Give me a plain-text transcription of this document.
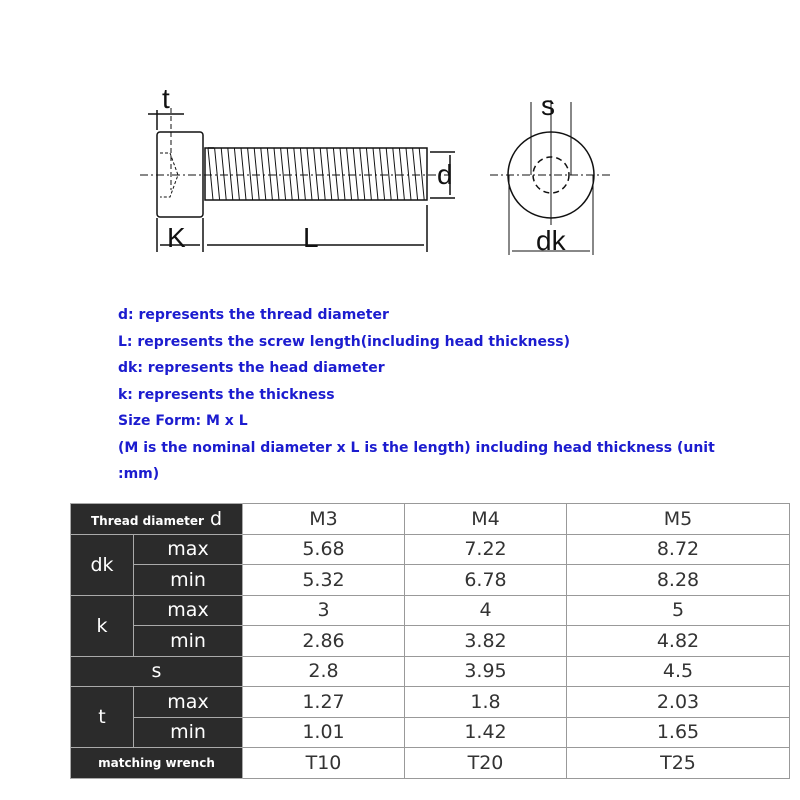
t
K	L
d
s
dk
d: represents the thread diameter
L: represents the screw length(including head thickness)
dk: represents the head diameter
k: represents the thickness
Size Form: M x L
(M is the nominal diameter x L is the length) including head thickness (unit
:mm)
Thread diameter d		M3	M4	M5
dk	max	5.68	7.22	8.72
	min	5.32	6.78	8.28
k	max	3	4	5
	min	2.86	3.82	4.82
s		2.8	3.95	4.5
t	max	1.27	1.8	2.03
	min	1.01	1.42	1.65
matching wrench		T10	T20	T25
